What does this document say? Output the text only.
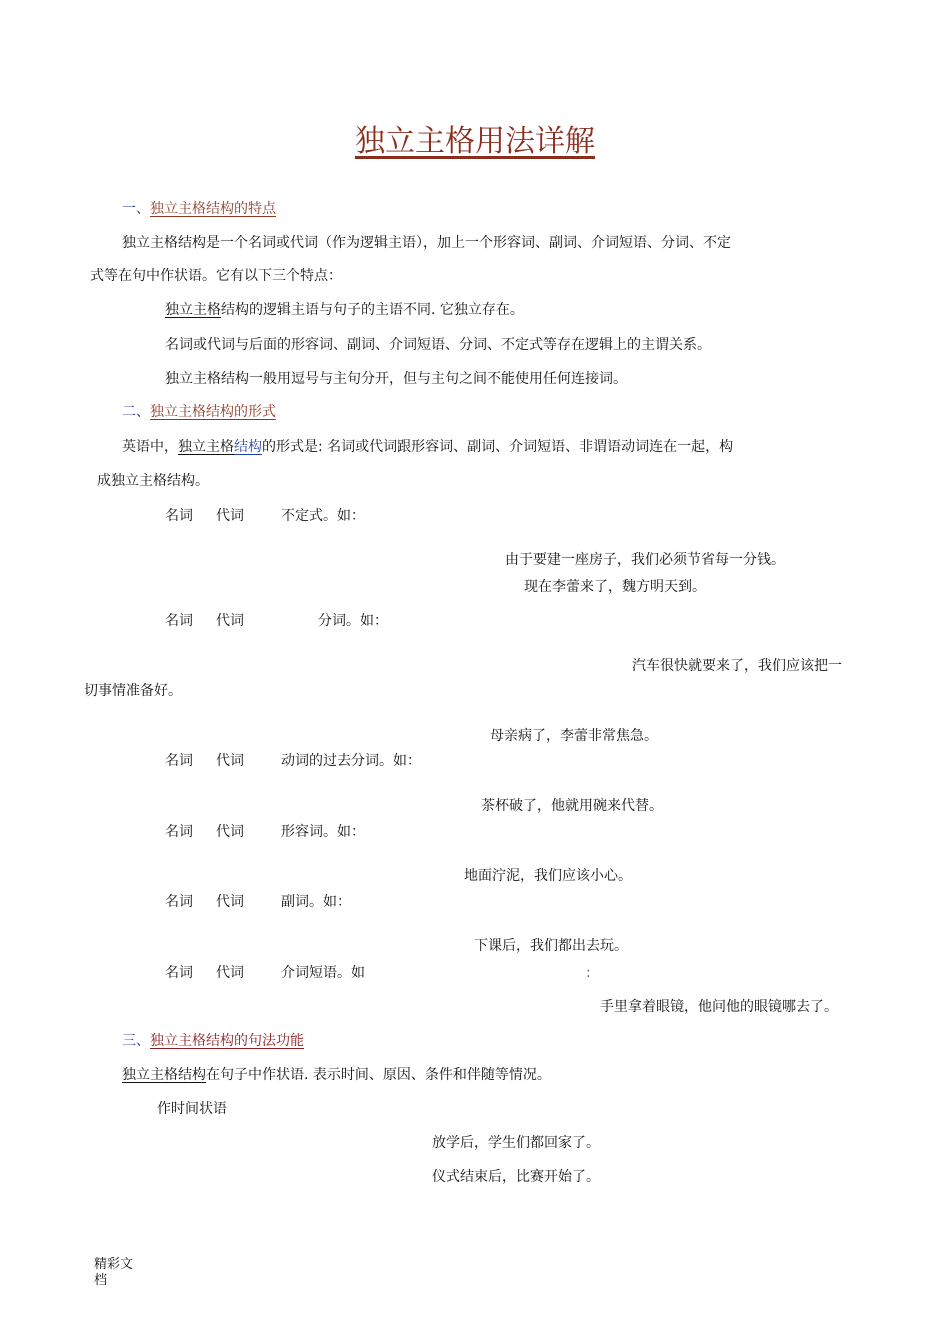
独立主格用法详解
一、独立主格结构的特点
独立主格结构是一个名词或代词（作为逻辑主语），加上一个形容词、副词、介词短语、分词、不定
式等在句中作状语。它有以下三个特点：
独立主格结构的逻辑主语与句子的主语不同. 它独立存在。
名词或代词与后面的形容词、副词、介词短语、分词、不定式等存在逻辑上的主谓关系。
独立主格结构一般用逗号与主句分开，但与主句之间不能使用任何连接词。
二、独立主格结构的形式
英语中，独立主格结构的形式是: 名词或代词跟形容词、副词、介词短语、非谓语动词连在一起，构
成独立主格结构。
名词 代词	不定式。如：
由于要建一座房子，我们必须节省每一分钱。
现在李蕾来了，魏方明天到。
名词 代词	分词。如：
汽车很快就要来了，我们应该把一
切事情准备好。
母亲病了，李蕾非常焦急。
名词 代词	动词的过去分词。如：
茶杯破了，他就用碗来代替。
名词 代词	形容词。如：
地面泞泥，我们应该小心。
名词 代词	副词。如：
下课后，我们都出去玩。
名词 代词	介词短语。如	:
手里拿着眼镜，他问他的眼镜哪去了。
三、独立主格结构的句法功能
独立主格结构在句子中作状语. 表示时间、原因、条件和伴随等情况。
作时间状语
放学后，学生们都回家了。
仪式结束后，比赛开始了。
精彩文
档
